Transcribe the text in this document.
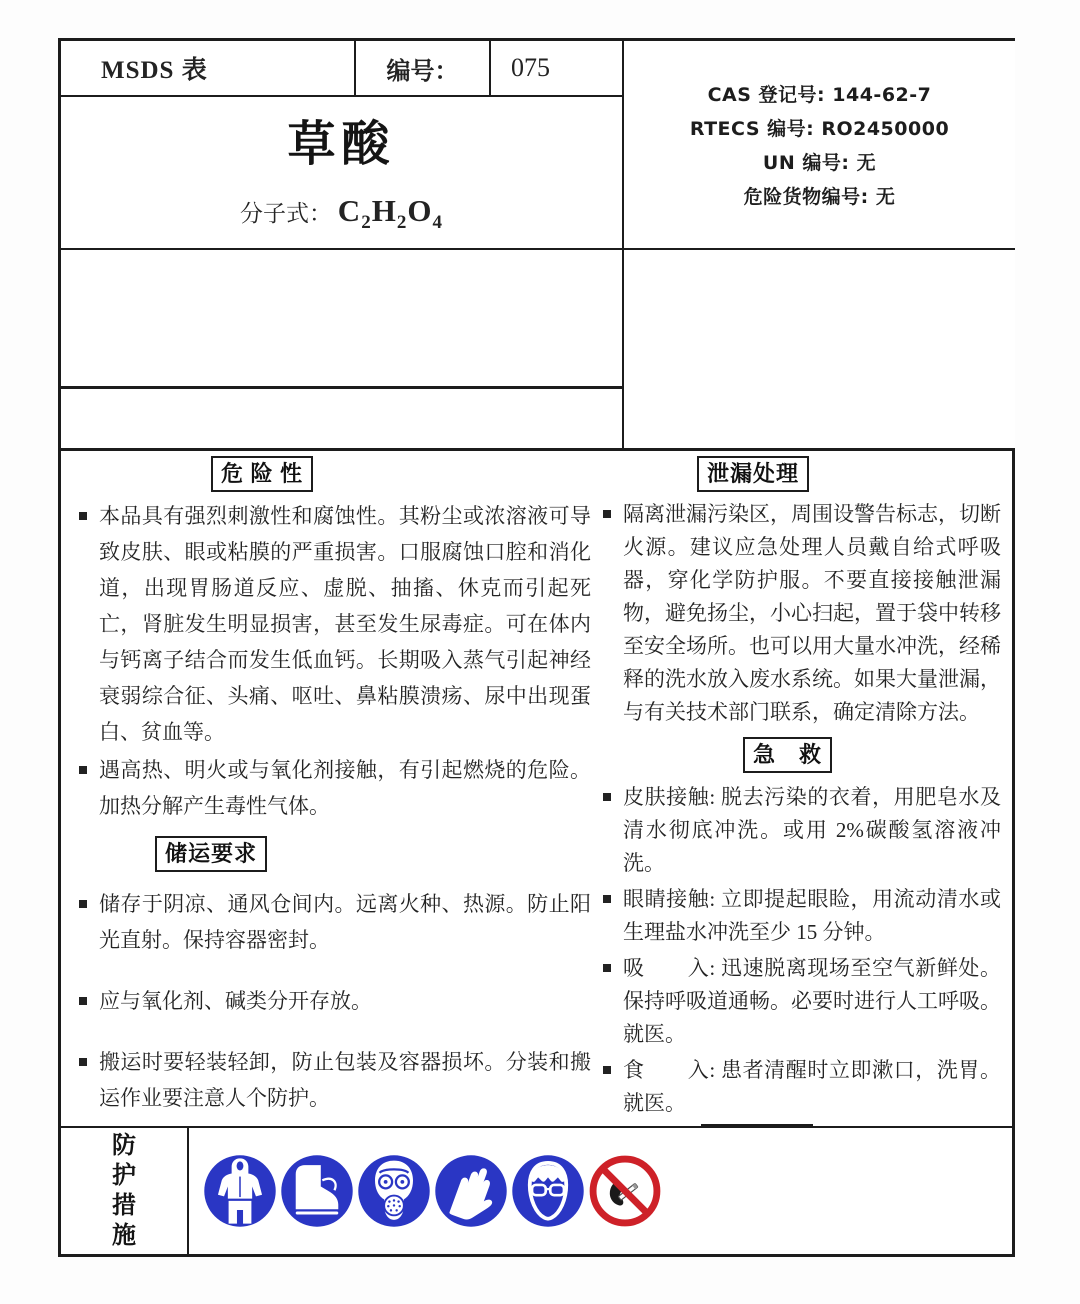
MSDS 表	编号：	075
CAS 登记号: 144-62-7
RTECS 编号: RO2450000
UN 编号: 无
危险货物编号: 无
草酸
分子式： $C_2H_2O_4$
危 险 性
本品具有强烈刺激性和腐蚀性。其粉尘或浓溶液可导致皮肤、眼或粘膜的严重损害。口服腐蚀口腔和消化道，出现胃肠道反应、虚脱、抽搐、休克而引起死亡，肾脏发生明显损害，甚至发生尿毒症。可在体内与钙离子结合而发生低血钙。长期吸入蒸气引起神经衰弱综合征、头痛、呕吐、鼻粘膜溃疡、尿中出现蛋白、贫血等。
遇高热、明火或与氧化剂接触，有引起燃烧的危险。加热分解产生毒性气体。
储运要求
储存于阴凉、通风仓间内。远离火种、热源。防止阳光直射。保持容器密封。
应与氧化剂、碱类分开存放。
搬运时要轻装轻卸，防止包装及容器损坏。分装和搬运作业要注意人个防护。
泄漏处理
隔离泄漏污染区，周围设警告标志，切断火源。建议应急处理人员戴自给式呼吸器，穿化学防护服。不要直接接触泄漏物，避免扬尘，小心扫起，置于袋中转移至安全场所。也可以用大量水冲洗，经稀释的洗水放入废水系统。如果大量泄漏，与有关技术部门联系，确定清除方法。
急　救
皮肤接触: 脱去污染的衣着，用肥皂水及清水彻底冲洗。或用 2%碳酸氢溶液冲洗。
眼睛接触: 立即提起眼睑，用流动清水或生理盐水冲洗至少 15 分钟。
吸　　入: 迅速脱离现场至空气新鲜处。保持呼吸道通畅。必要时进行人工呼吸。就医。
食　　入: 患者清醒时立即漱口，洗胃。就医。
防护措施
